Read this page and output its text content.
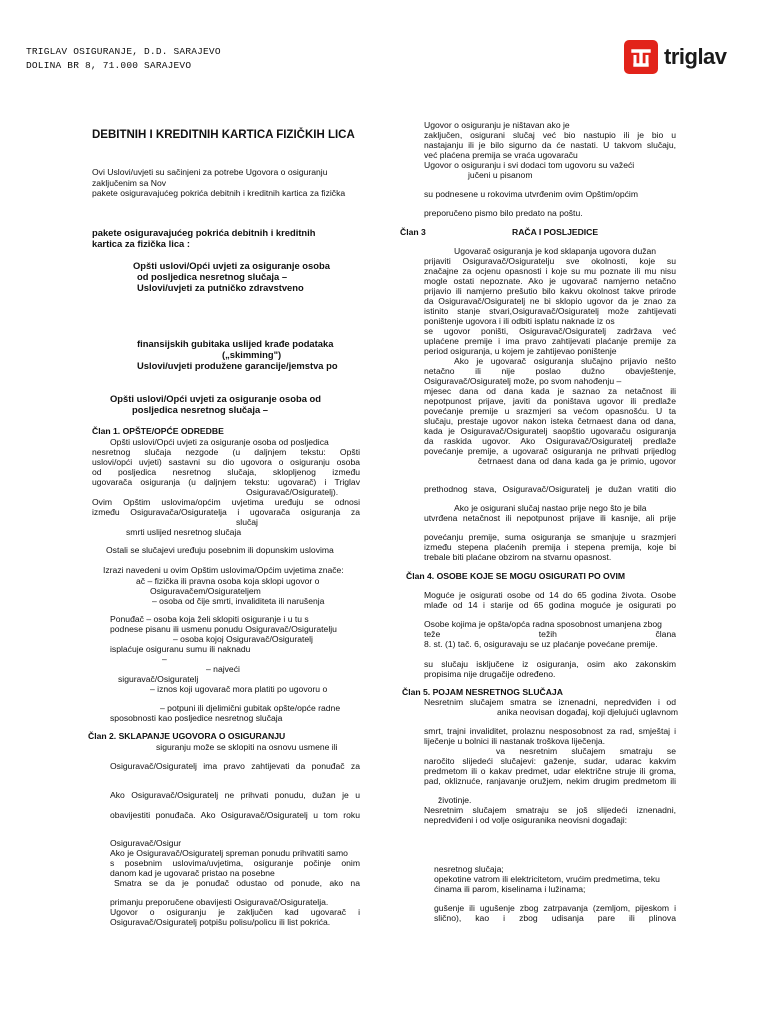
TRIGLAV OSIGURANJE, D.D. SARAJEVO
DOLINA BR 8, 71.000 SARAJEVO	triglav
DEBITNIH I KREDITNIH KARTICA FIZIČKIH LICA
Ovi Uslovi/uvjeti su sačinjeni za potrebe Ugovora o osiguranju
zaključenim sa Nov
pakete osiguravajućeg pokrića debitnih i kreditnih kartica za fizička
pakete osiguravajućeg pokrića debitnih i kreditnih
kartica za fizička lica :
Opšti uslovi/Opći uvjeti za osiguranje osoba
od posljedica nesretnog slučaja –
Uslovi/uvjeti za putničko zdravstveno
finansijskih gubitaka uslijed krađe podataka
(„skimming")
Uslovi/uvjeti produžene garancije/jemstva po
Opšti uslovi/Opći uvjeti za osiguranje osoba od
posljedica nesretnog slučaja –
Član 1. OPŠTE/OPĆE ODREDBE
Opšti uslovi/Opći uvjeti za osiguranje osoba od posljedica
nesretnog slučaja nezgode (u daljnjem tekstu: Opšti
uslovi/opći uvjeti) sastavni su dio ugovora o osiguranju osoba
od posljedica nesretnog slučaja, skloplјenog između
ugovarača osiguranja (u daljnjem tekstu: ugovarač) i Triglav
Osiguravač/Osiguratelj).
Ovim Opštim uslovima/općim uvjetima uređuju se odnosi
između Osiguravača/Osiguratelja i ugovarača osiguranja za
slučaj
smrti uslijed nesretnog slučaja
Ostali se slučajevi uređuju posebnim ili dopunskim uslovima
Izrazi navedeni u ovim Opštim uslovima/Općim uvjetima znače:
ač – fizička ili pravna osoba koja sklopi ugovor o
Osiguravačem/Osigurateljem
– osoba od čije smrti, invaliditeta ili narušenja
Ponuđač – osoba koja želi sklopiti osiguranje i u tu s
podnese pisanu ili usmenu ponudu Osiguravač/Osiguratelju
– osoba kojoj Osiguravač/Osiguratelj
isplaćuje osiguranu sumu ili naknadu
–
– najveći
siguravač/Osiguratelj
– iznos koji ugovarač mora platiti po ugovoru o
– potpuni ili djelimični gubitak opšte/opće radne
sposobnosti kao posljedice nesretnog slučaja
Član 2. SKLAPANJE UGOVORA O OSIGURANJU
siguranju može se sklopiti na osnovu usmene ili
Osiguravač/Osiguratelj ima pravo zahtijevati da ponuđač za
Ako Osiguravač/Osiguratelj ne prihvati ponudu, dužan je u
obavijestiti ponuđača. Ako Osiguravač/Osiguratelj u tom roku
Osiguravač/Osigur
Ako je Osiguravač/Osiguratelj spreman ponudu prihvatiti samo
s posebnim uslovima/uvjetima, osiguranje počinje onim
danom kad je ugovarač pristao na posebne
Smatra se da je ponuđač odustao od ponude, ako na
primanju preporučene obavijesti Osiguravač/Osiguratelja.
Ugovor o osiguranju je zaključen kad ugovarač i
Osiguravač/Osiguratelj potpišu polisu/policu ili list pokrića.
Ugovor o osiguranju je ništavan ako je
zaključen, osigurani slučaj već bio nastupio ili je bio u
nastajanju ili je bilo sigurno da će nastati. U takvom slučaju,
već plaćena premija se vraća ugovaraču
Ugovor o osiguranju i svi dodaci tom ugovoru su važeći
jučeni u pisanom
su podnesene u rokovima utvrđenim ovim Opštim/općim
preporučeno pismo bilo predato na poštu.
Član 3	RAČA I POSLJEDICE
Ugovarač osiguranja je kod sklapanja ugovora dužan
prijaviti Osiguravač/Osiguratelju sve okolnosti, koje su
značajne za ocjenu opasnosti i koje su mu poznate ili mu nisu
mogle ostati nepoznate. Ako je ugovarač namjerno netačno
prijavio ili namjerno prešutio bilo kakvu okolnost takve prirode
da Osiguravač/Osiguratelj ne bi sklopio ugovor da je znao za
istinito stanje stvari,Osiguravač/Osiguratelj može zahtijevati
poništenje ugovora i ili odbiti isplatu naknade iz os
se ugovor poništi, Osiguravač/Osiguratelj zadržava već
uplaćene premije i ima pravo zahtijevati plaćanje premije za
period osiguranja, u kojem je zahtijevao poništenje
Ako je ugovarač osiguranja slučajno prijavio nešto
netačno ili nije poslao dužno obavještenje,
Osiguravač/Osiguratelj može, po svom nahođenju –
mjesec dana od dana kada je saznao za netačnost ili
nepotpunost prijave, javiti da poništava ugovor ili predlaže
povećanje premije u srazmjeri sa većom opasnošću. U ta
slučaju, prestaje ugovor nakon isteka četrnaest dana od dana,
kada je Osiguravač/Osiguratelj saopštio ugovaraču osiguranja
da raskida ugovor. Ako Osiguravač/Osiguratelj predlaže
povećanje premije, a ugovarač osiguranja ne prihvati prijedlog
četrnaest dana od dana kada ga je primio, ugovor
prethodnog stava, Osiguravač/Osiguratelj je dužan vratiti dio
Ako je osigurani slučaj nastao prije nego što je bila
utvrđena netačnost ili nepotpunost prijave ili kasnije, ali prije
povećanju premije, suma osiguranja se smanjuje u srazmjeri
između stepena plaćenih premija i stepena premija, koje bi
trebale biti plaćane obzirom na stvarnu opasnost.
Član 4. OSOBE KOJE SE MOGU OSIGURATI PO OVIM
Moguće je osigurati osobe od 14 do 65 godina života. Osobe
mlađe od 14 i starije od 65 godina moguće je osigurati po
Osobe kojima je opšta/opća radna sposobnost umanjena zbog
teže težih člana
8. st. (1) tač. 6, osiguravaju se uz plaćanje povećane premije.
su slučaju isključene iz osiguranja, osim ako zakonskim
propisima nije drugačije određeno.
Član 5. POJAM NESRETNOG SLUČAJA
Nesretnim slučajem smatra se iznenadni, nepredviđen i od
anika neovisan događaj, koji djelujući uglavnom
smrt, trajni invaliditet, prolaznu nesposobnost za rad, smještaj i
liječenje u bolnici ili nastanak troškova liječenja.
va nesretnim slučajem smatraju se
naročito slijedeći slučajevi: gaženje, sudar, udarac kakvim
predmetom ili o kakav predmet, udar električne struje ili groma,
pad, okliznuće, ranjavanje oružjem, nekim drugim predmetom ili
životinje.
Nesretnim slučajem smatraju se još slijedeći iznenadni,
nepredviđeni i od volje osiguranika neovisni događaji:
nesretnog slučaja;
opekotine vatrom ili elektricitetom, vrućim predmetima, teku
ćinama ili parom, kiselinama i lužinama;
gušenje ili ugušenje zbog zatrpavanja (zemljom, pijeskom i
slično), kao i zbog udisanja pare ili plinova
